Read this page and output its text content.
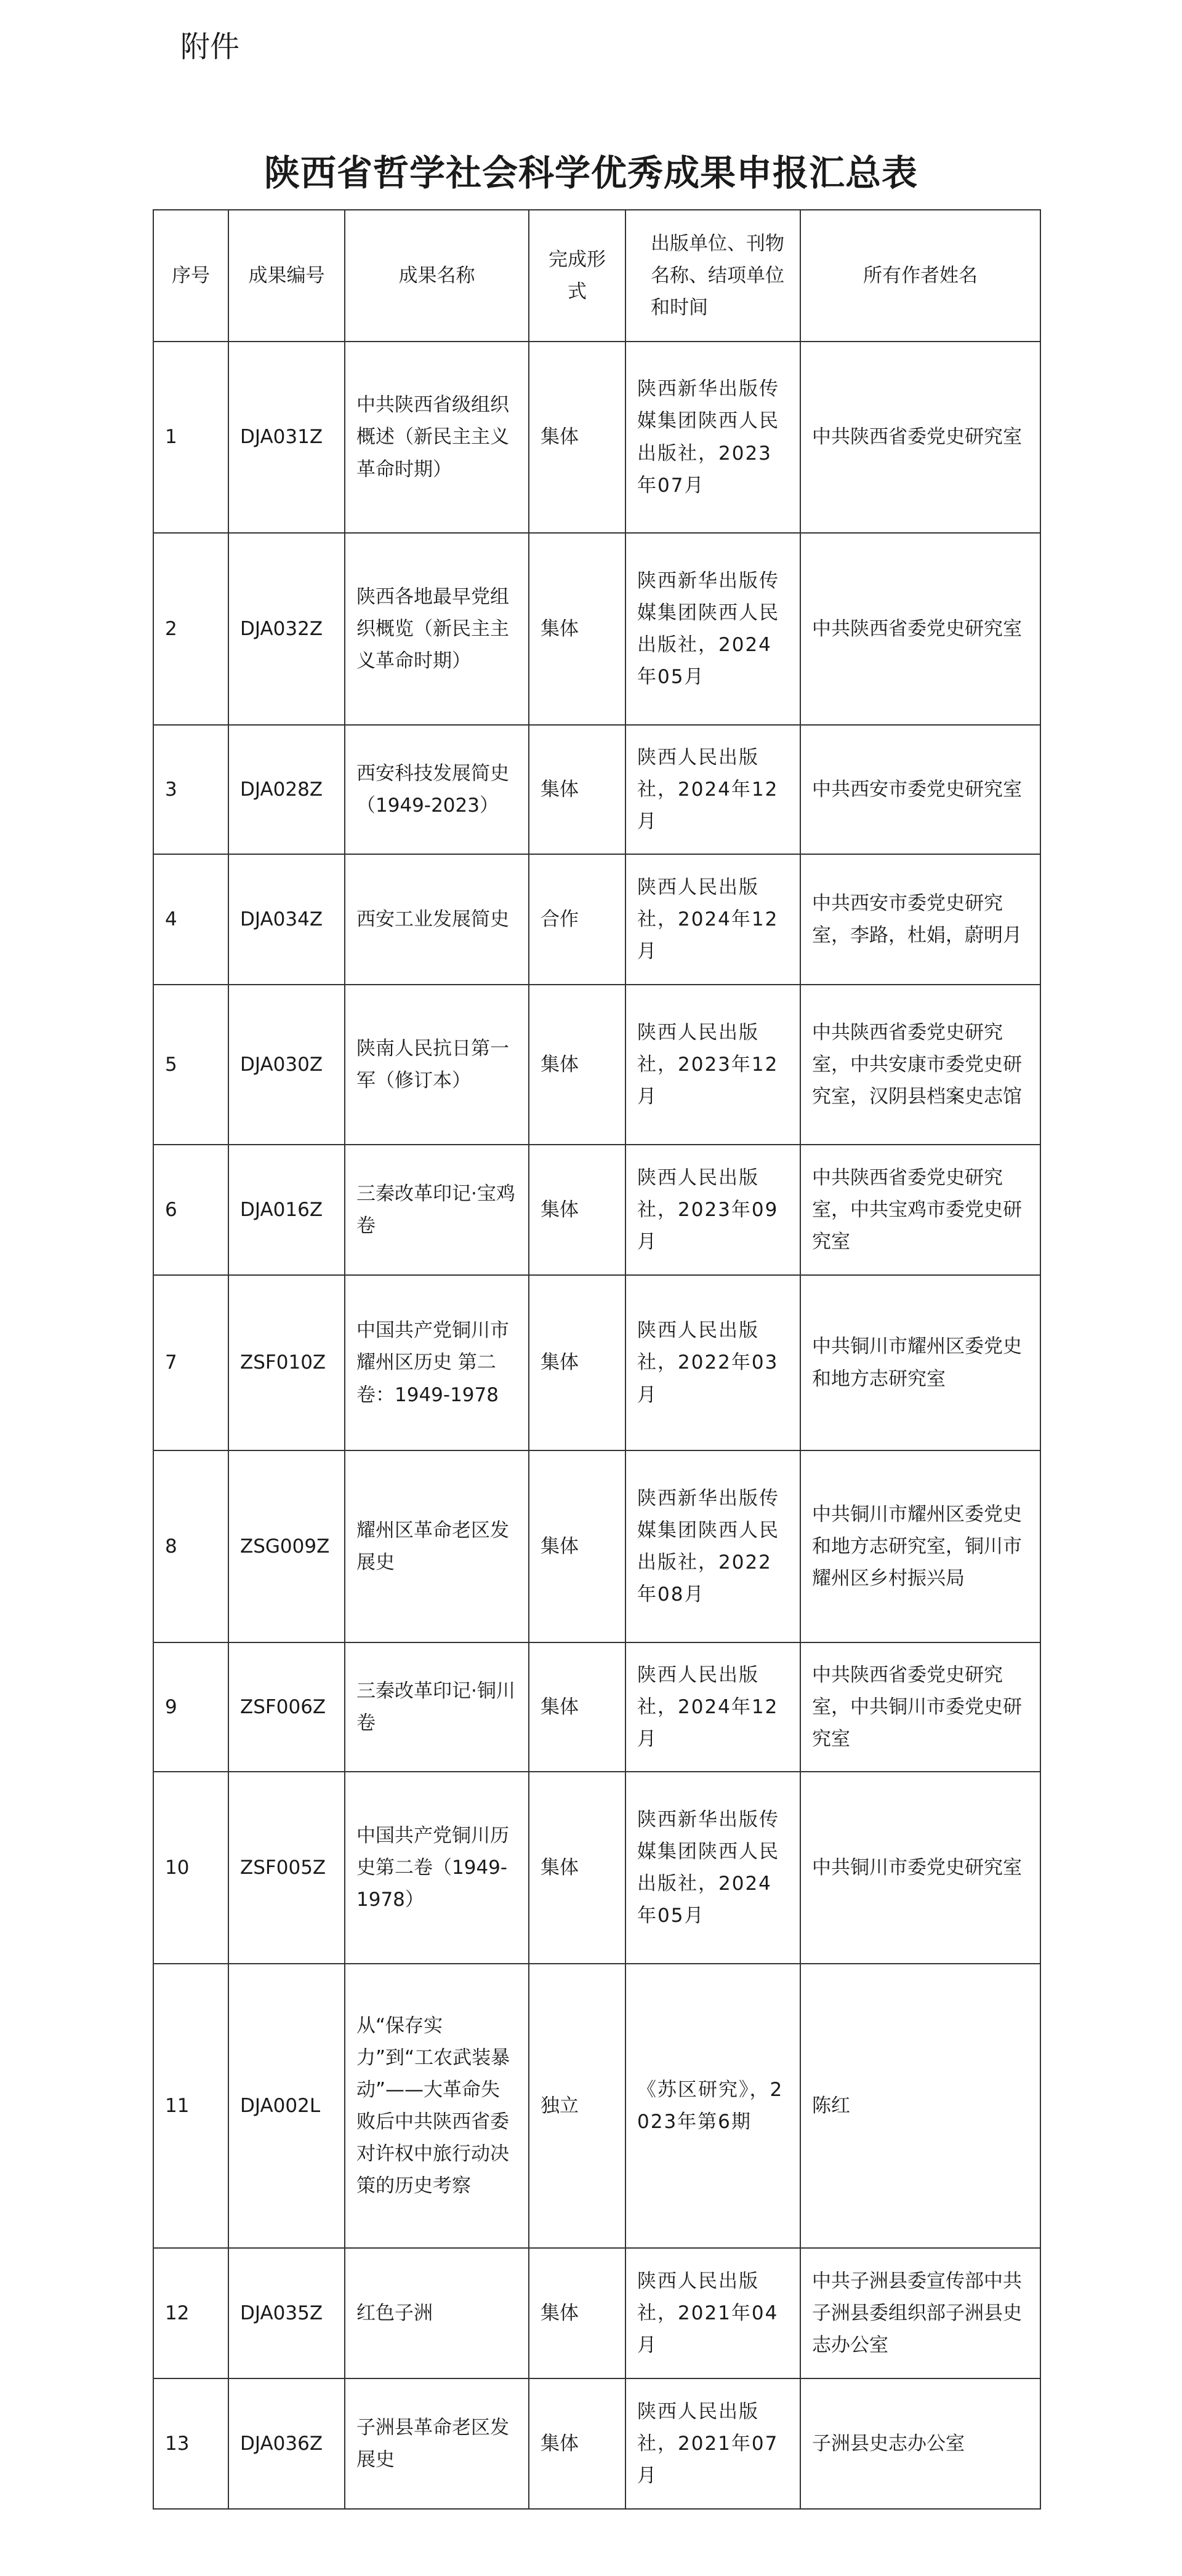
附件
陕西省哲学社会科学优秀成果申报汇总表
序号	成果编号	成果名称	完成形式	出版单位、刊物名称、结项单位和时间	所有作者姓名
1	DJA031Z	中共陕西省级组织概述（新民主主义革命时期）	集体	陕西新华出版传媒集团陕西人民出版社，2023年07月	中共陕西省委党史研究室
2	DJA032Z	陕西各地最早党组织概览（新民主主义革命时期）	集体	陕西新华出版传媒集团陕西人民出版社，2024年05月	中共陕西省委党史研究室
3	DJA028Z	西安科技发展简史（1949-2023）	集体	陕西人民出版社，2024年12月	中共西安市委党史研究室
4	DJA034Z	西安工业发展简史	合作	陕西人民出版社，2024年12月	中共西安市委党史研究室，李路，杜娟，蔚明月
5	DJA030Z	陕南人民抗日第一军（修订本）	集体	陕西人民出版社，2023年12月	中共陕西省委党史研究室，中共安康市委党史研究室，汉阴县档案史志馆
6	DJA016Z	三秦改革印记·宝鸡卷	集体	陕西人民出版社，2023年09月	中共陕西省委党史研究室，中共宝鸡市委党史研究室
7	ZSF010Z	中国共产党铜川市耀州区历史 第二卷：1949-1978	集体	陕西人民出版社，2022年03月	中共铜川市耀州区委党史和地方志研究室
8	ZSG009Z	耀州区革命老区发展史	集体	陕西新华出版传媒集团陕西人民出版社，2022年08月	中共铜川市耀州区委党史和地方志研究室，铜川市耀州区乡村振兴局
9	ZSF006Z	三秦改革印记·铜川卷	集体	陕西人民出版社，2024年12月	中共陕西省委党史研究室，中共铜川市委党史研究室
10	ZSF005Z	中国共产党铜川历史第二卷（1949-1978）	集体	陕西新华出版传媒集团陕西人民出版社，2024年05月	中共铜川市委党史研究室
11	DJA002L	从“保存实力”到“工农武装暴动”——大革命失败后中共陕西省委对许权中旅行动决策的历史考察	独立	《苏区研究》，2023年第6期	陈红
12	DJA035Z	红色子洲	集体	陕西人民出版社，2021年04月	中共子洲县委宣传部中共子洲县委组织部子洲县史志办公室
13	DJA036Z	子洲县革命老区发展史	集体	陕西人民出版社，2021年07月	子洲县史志办公室
